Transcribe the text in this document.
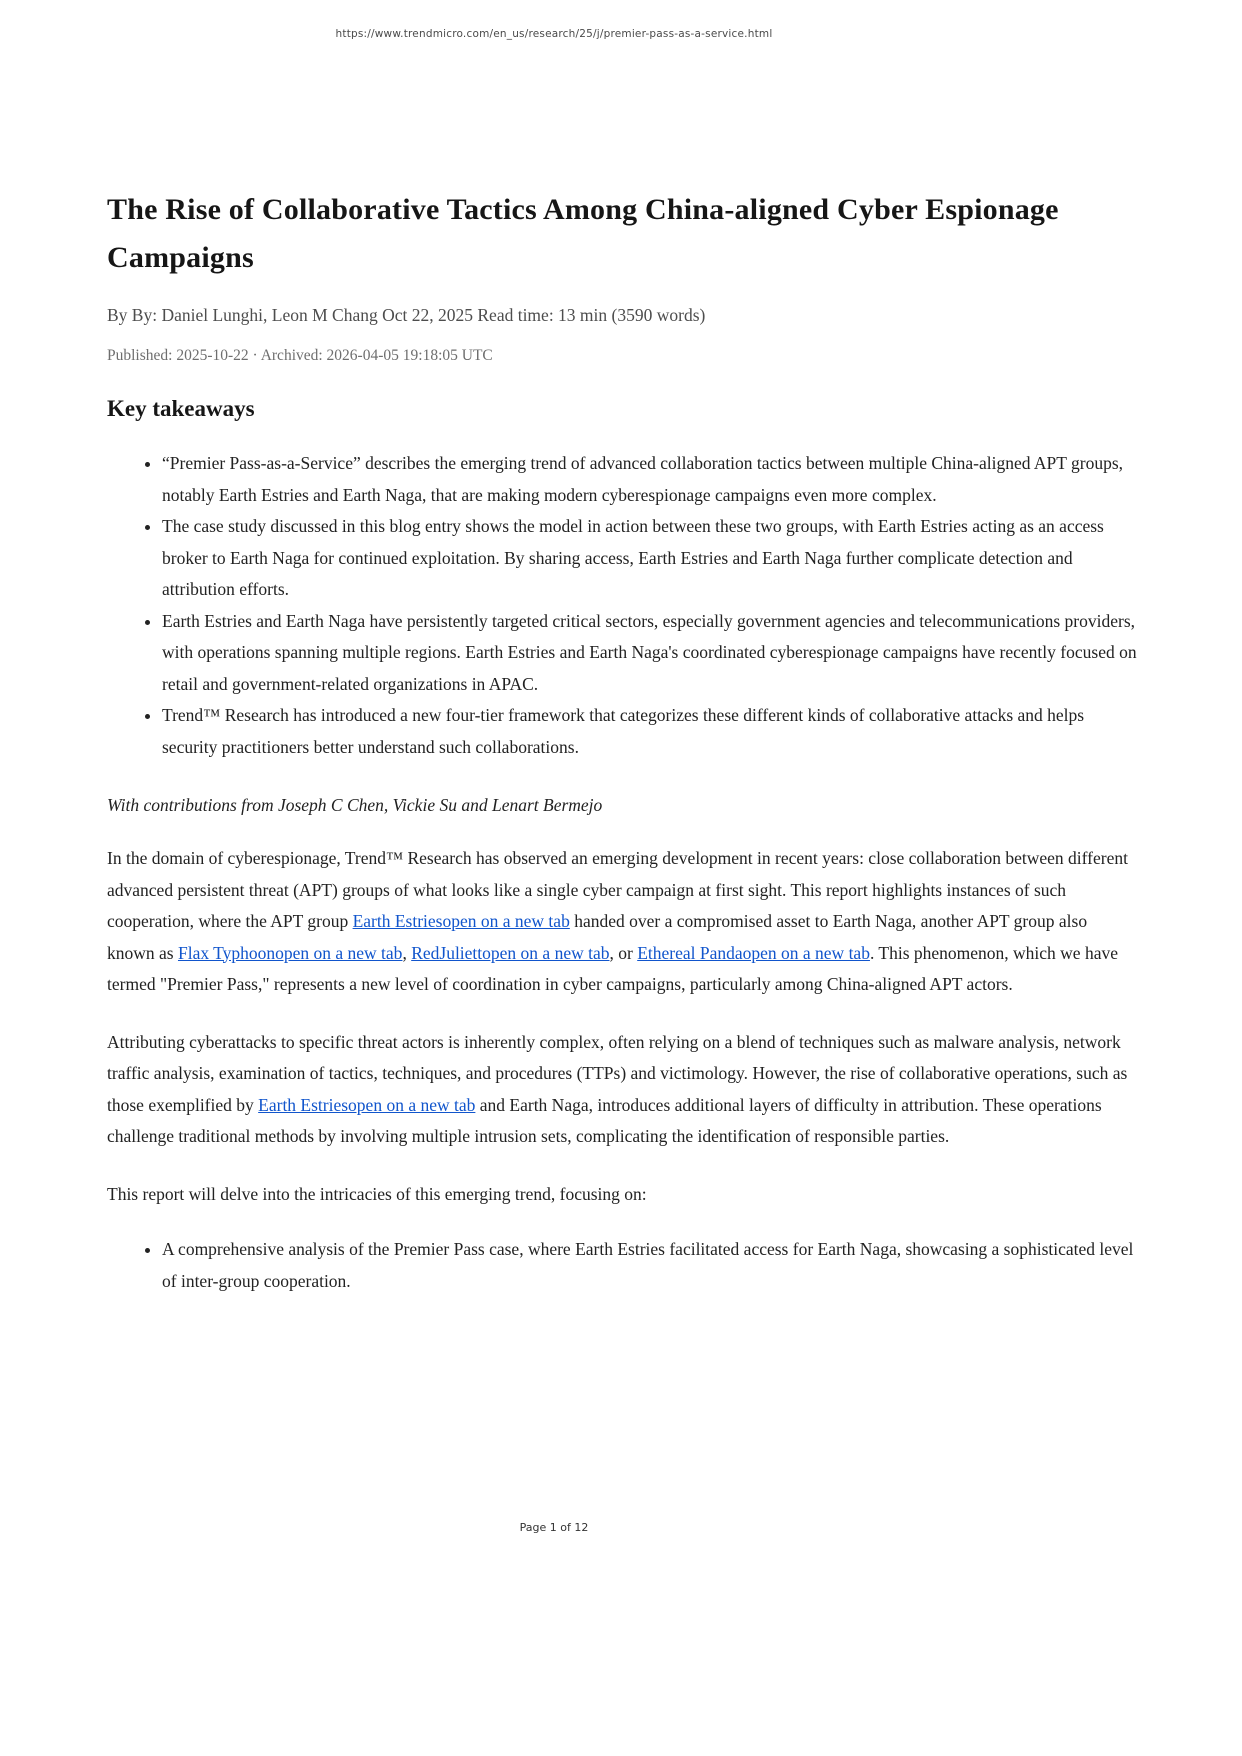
https://www.trendmicro.com/en_us/research/25/j/premier-pass-as-a-service.html
The Rise of Collaborative Tactics Among China-aligned Cyber Espionage Campaigns
By By: Daniel Lunghi, Leon M Chang Oct 22, 2025 Read time: 13 min (3590 words)
Published: 2025-10-22 · Archived: 2026-04-05 19:18:05 UTC
Key takeaways
• “Premier Pass-as-a-Service” describes the emerging trend of advanced collaboration tactics between multiple China-aligned APT groups, notably Earth Estries and Earth Naga, that are making modern cyberespionage campaigns even more complex.
• The case study discussed in this blog entry shows the model in action between these two groups, with Earth Estries acting as an access broker to Earth Naga for continued exploitation. By sharing access, Earth Estries and Earth Naga further complicate detection and attribution efforts.
• Earth Estries and Earth Naga have persistently targeted critical sectors, especially government agencies and telecommunications providers, with operations spanning multiple regions. Earth Estries and Earth Naga's coordinated cyberespionage campaigns have recently focused on retail and government-related organizations in APAC.
• Trend™ Research has introduced a new four-tier framework that categorizes these different kinds of collaborative attacks and helps security practitioners better understand such collaborations.
With contributions from Joseph C Chen, Vickie Su and Lenart Bermejo

In the domain of cyberespionage, Trend™ Research has observed an emerging development in recent years: close collaboration between different advanced persistent threat (APT) groups of what looks like a single cyber campaign at first sight. This report highlights instances of such cooperation, where the APT group Earth Estriesopen on a new tab handed over a compromised asset to Earth Naga, another APT group also known as Flax Typhoonopen on a new tab, RedJuliettopen on a new tab, or Ethereal Pandaopen on a new tab. This phenomenon, which we have termed "Premier Pass," represents a new level of coordination in cyber campaigns, particularly among China-aligned APT actors.

Attributing cyberattacks to specific threat actors is inherently complex, often relying on a blend of techniques such as malware analysis, network traffic analysis, examination of tactics, techniques, and procedures (TTPs) and victimology. However, the rise of collaborative operations, such as those exemplified by Earth Estriesopen on a new tab and Earth Naga, introduces additional layers of difficulty in attribution. These operations challenge traditional methods by involving multiple intrusion sets, complicating the identification of responsible parties.

This report will delve into the intricacies of this emerging trend, focusing on:

• A comprehensive analysis of the Premier Pass case, where Earth Estries facilitated access for Earth Naga, showcasing a sophisticated level of inter-group cooperation.
Page 1 of 12
